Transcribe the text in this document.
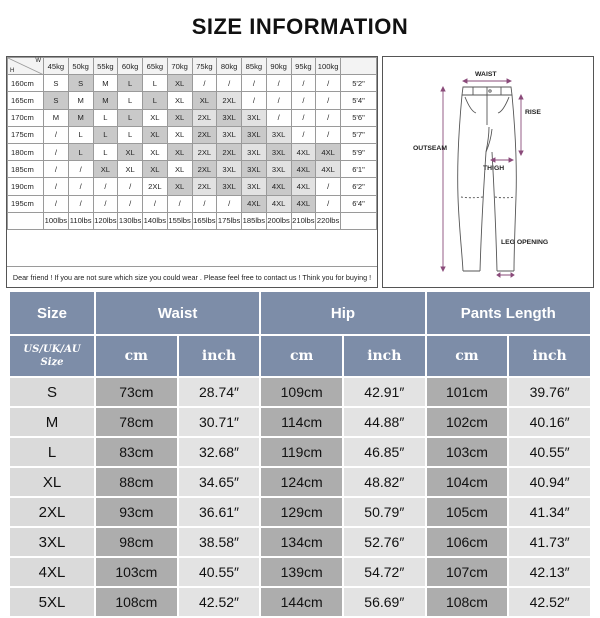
SIZE INFORMATION
W
H	45kg	50kg	55kg	60kg	65kg	70kg	75kg	80kg	85kg	90kg	95kg	100kg	
160cm	S	S	M	L	L	XL	/	/	/	/	/	/	5'2"
165cm	S	M	M	L	L	XL	XL	2XL	/	/	/	/	5'4"
170cm	M	M	L	L	XL	XL	2XL	3XL	3XL	/	/	/	5'6"
175cm	/	L	L	L	XL	XL	2XL	3XL	3XL	3XL	/	/	5'7"
180cm	/	L	L	XL	XL	XL	2XL	2XL	3XL	3XL	4XL	4XL	5'9"
185cm	/	/	XL	XL	XL	XL	2XL	3XL	3XL	3XL	4XL	4XL	6'1"
190cm	/	/	/	/	2XL	XL	2XL	3XL	3XL	4XL	4XL	/	6'2"
195cm	/	/	/	/	/	/	/	/	4XL	4XL	4XL	/	6'4"
	100lbs	110lbs	120lbs	130lbs	140lbs	155lbs	165lbs	175lbs	185lbs	200lbs	210lbs	220lbs	
Dear friend ! If you are not sure which size you could wear . Please feel free to contact us ! Think you for buying !
WAIST
RISE
OUTSEAM
THIGH
LEG OPENING
Size	Waist		Hip		Pants Length	

US/UK/AU
Size	cm	inch	cm	inch	cm	inch
S	73cm	28.74″	109cm	42.91″	101cm	39.76″
M	78cm	30.71″	114cm	44.88″	102cm	40.16″
L	83cm	32.68″	119cm	46.85″	103cm	40.55″
XL	88cm	34.65″	124cm	48.82″	104cm	40.94″
2XL	93cm	36.61″	129cm	50.79″	105cm	41.34″
3XL	98cm	38.58″	134cm	52.76″	106cm	41.73″
4XL	103cm	40.55″	139cm	54.72″	107cm	42.13″
5XL	108cm	42.52″	144cm	56.69″	108cm	42.52″
